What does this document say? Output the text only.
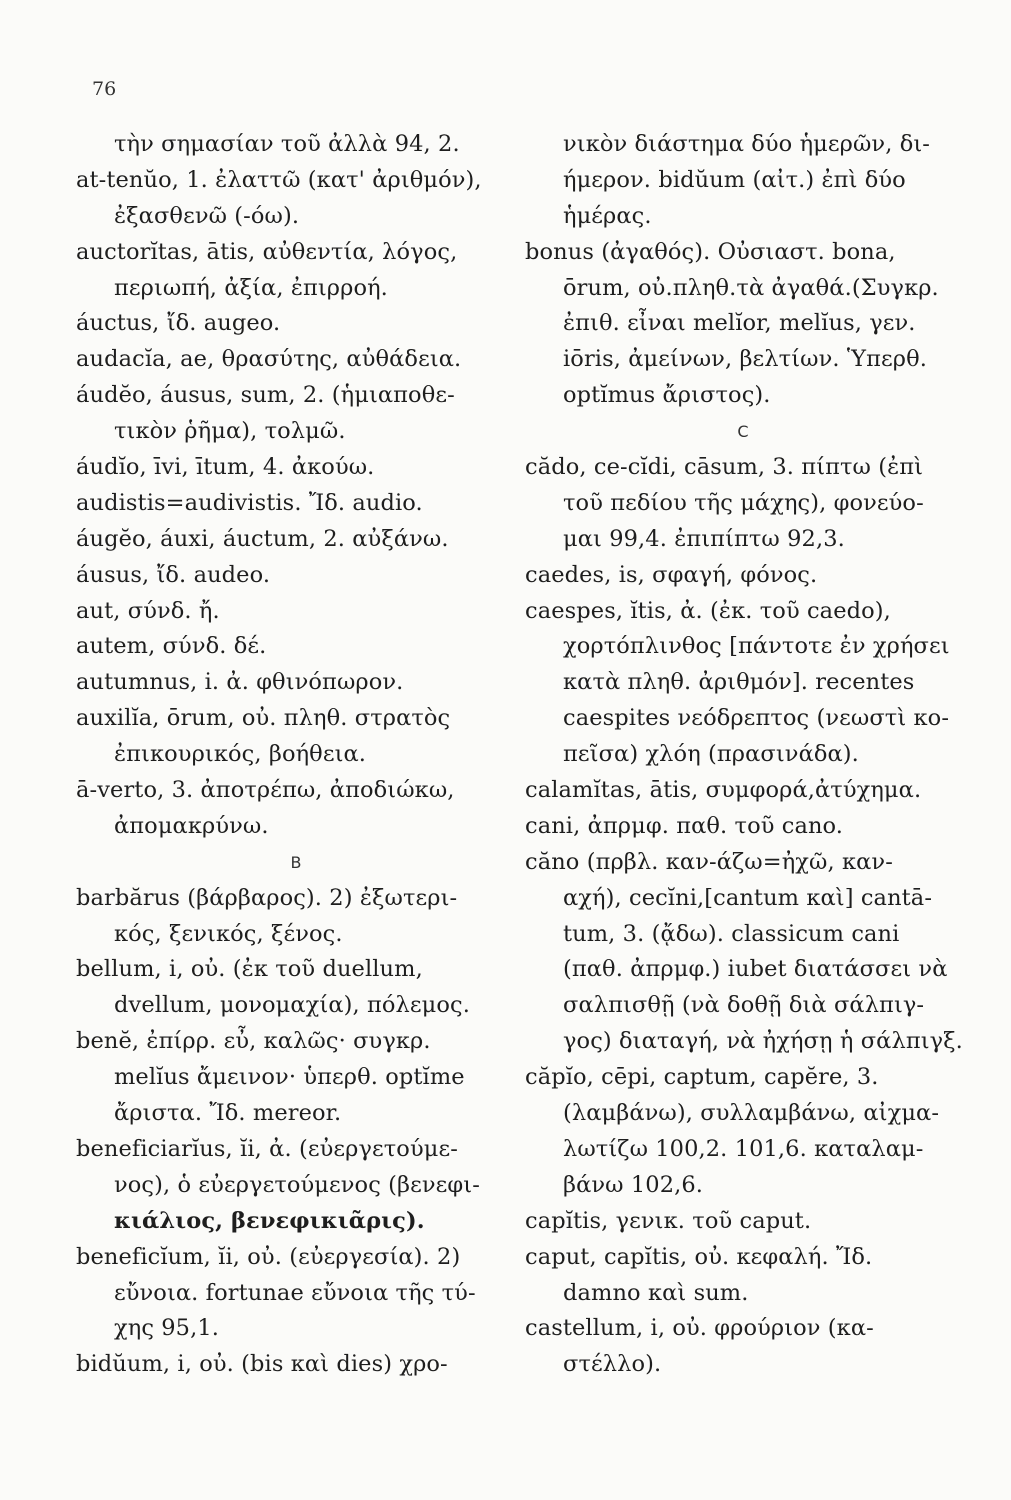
76
τὴν σημασίαν τοῦ ἀλλὰ 94, 2.
at-tenŭo, 1. ἐλαττῶ (κατ' ἀριθμόν),
ἐξασθενῶ (-όω).
auctorĭtas, ātis, αὐθεντία, λόγος,
περιωπή, ἀξία, ἐπιρροή.
áuctus, ἴδ. augeo.
audacĭa, ae, θρασύτης, αὐθάδεια.
áudĕo, áusus, sum, 2. (ἡμιαποθε-
τικὸν ῥῆμα), τολμῶ.
áudĭo, īvi, ītum, 4. ἀκούω.
audistis=audivistis. Ἴδ. audio.
áugĕo, áuxi, áuctum, 2. αὐξάνω.
áusus, ἴδ. audeo.
aut, σύνδ. ἤ.
autem, σύνδ. δέ.
autumnus, i. ἀ. φθινόπωρον.
auxilĭa, ōrum, οὐ. πληθ. στρατὸς
ἐπικουρικός, βοήθεια.
ā-verto, 3. ἀποτρέπω, ἀποδιώκω,
ἀπομακρύνω.
B
barbărus (βάρβαρος). 2) ἐξωτερι-
κός, ξενικός, ξένος.
bellum, i, οὐ. (ἐκ τοῦ duellum,
dvellum, μονομαχία), πόλεμος.
benĕ, ἐπίρρ. εὖ, καλῶς· συγκρ.
melĭus ἄμεινον· ὑπερθ. optĭme
ἄριστα. Ἴδ. mereor.
beneficiarĭus, ĭi, ἀ. (εὐεργετούμε-
νος), ὁ εὐεργετούμενος (βενεφι-
κιάλιος, βενεφικιᾶρις).
beneficĭum, ĭi, οὐ. (εὐεργεσία). 2)
εὔνοια. fortunae εὔνοια τῆς τύ-
χης 95,1.
bidŭum, i, οὐ. (bis καὶ dies) χρο-
νικὸν διάστημα δύο ἡμερῶν, δι-
ήμερον. bidŭum (αἰτ.) ἐπὶ δύο
ἡμέρας.
bonus (ἀγαθός). Οὐσιαστ. bona,
ōrum, οὐ.πληθ.τὰ ἀγαθά.(Συγκρ.
ἐπιθ. εἶναι melĭor, melĭus, γεν.
iōris, ἀμείνων, βελτίων. Ὑπερθ.
optĭmus ἄριστος).
C
cădo, ce-cĭdi, cāsum, 3. πίπτω (ἐπὶ
τοῦ πεδίου τῆς μάχης), φονεύο-
μαι 99,4. ἐπιπίπτω 92,3.
caedes, is, σφαγή, φόνος.
caespes, ĭtis, ἀ. (ἐκ. τοῦ caedo),
χορτόπλινθος [πάντοτε ἐν χρήσει
κατὰ πληθ. ἀριθμόν]. recentes
caespites νεόδρεπτος (νεωστὶ κο-
πεῖσα) χλόη (πρασινάδα).
calamĭtas, ātis, συμφορά,ἀτύχημα.
cani, ἀπρμφ. παθ. τοῦ cano.
căno (πρβλ. καν-άζω=ἠχῶ, καν-
αχή), cecĭni,[cantum καὶ] cantā-
tum, 3. (ᾄδω). classicum cani
(παθ. ἀπρμφ.) iubet διατάσσει νὰ
σαλπισθῇ (νὰ δοθῇ διὰ σάλπιγ-
γος) διαταγή, νὰ ἠχήσῃ ἡ σάλπιγξ.
căpĭo, cēpi, captum, capĕre, 3.
(λαμβάνω), συλλαμβάνω, αἰχμα-
λωτίζω 100,2. 101,6. καταλαμ-
βάνω 102,6.
capĭtis, γενικ. τοῦ caput.
caput, capĭtis, οὐ. κεφαλή. Ἴδ.
damno καὶ sum.
castellum, i, οὐ. φρούριον (κα-
στέλλο).
